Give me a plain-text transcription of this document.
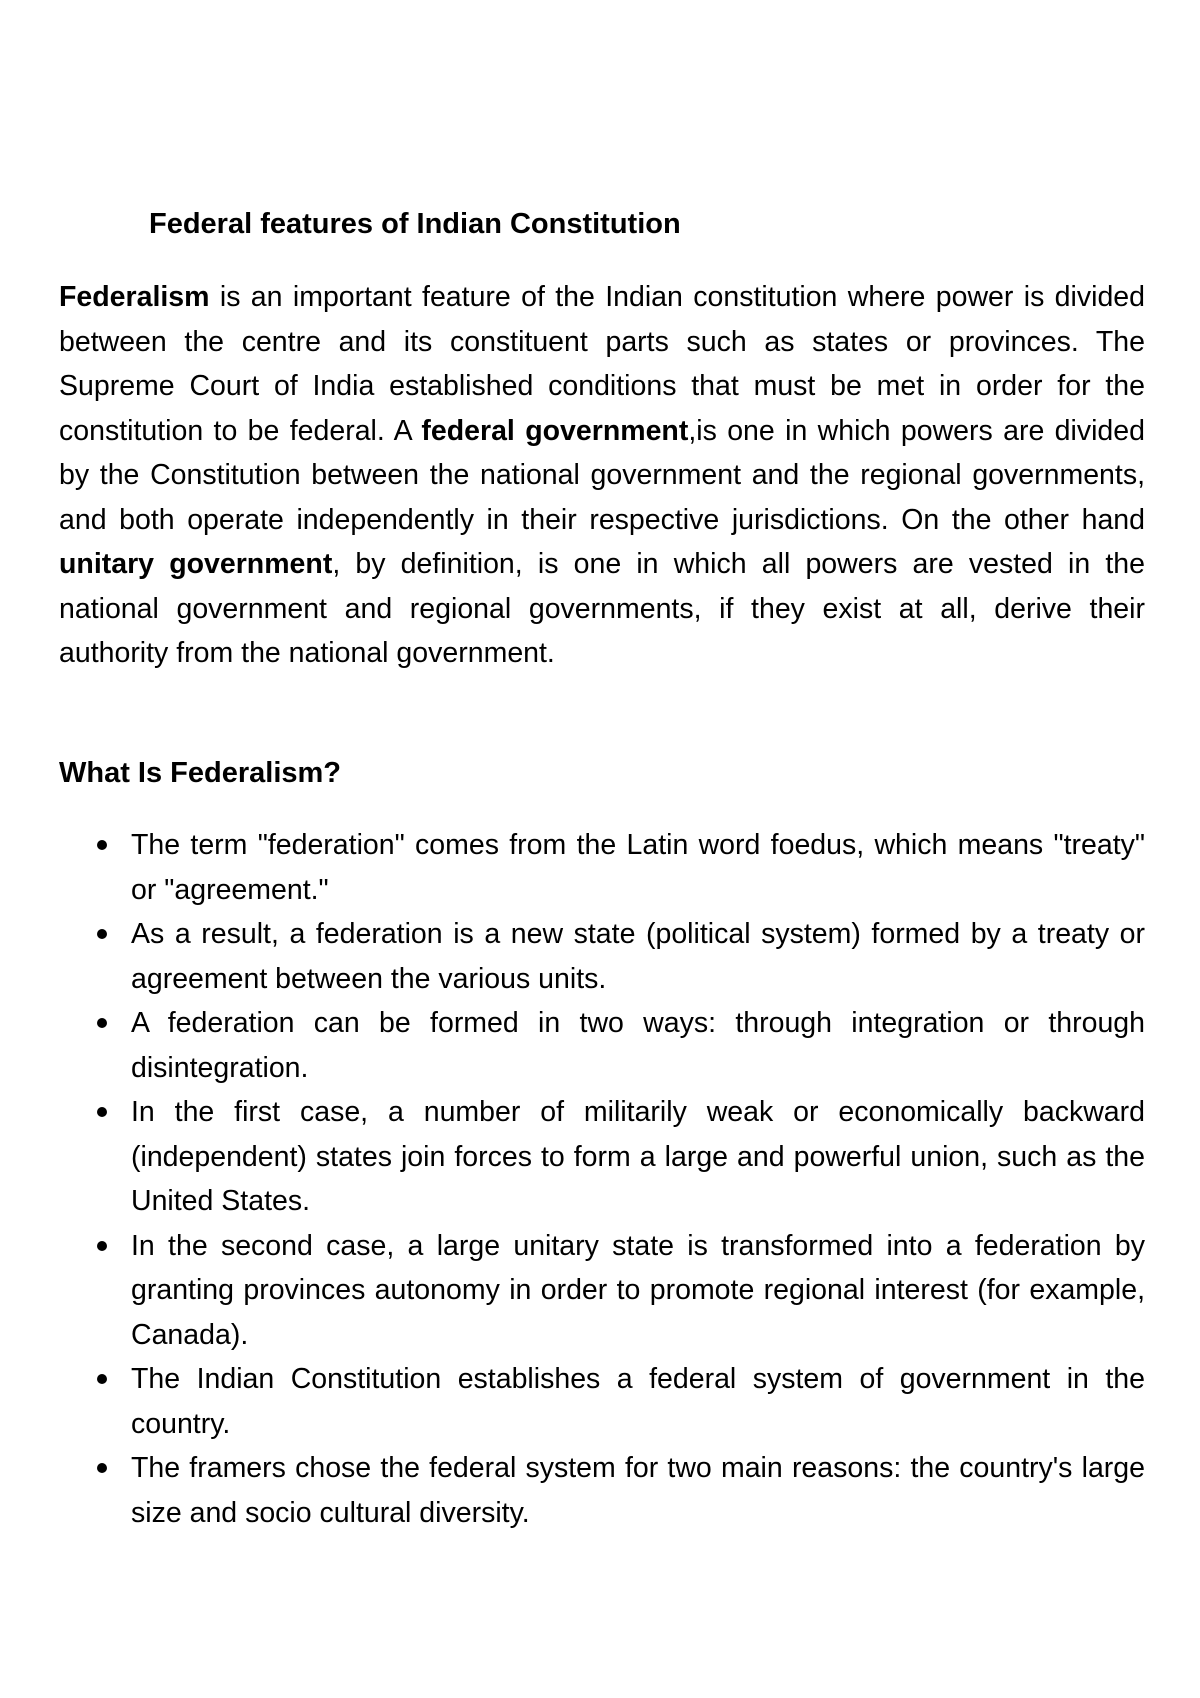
Federal features of Indian Constitution

Federalism is an important feature of the Indian constitution where power is divided between the centre and its constituent parts such as states or provinces. The Supreme Court of India established conditions that must be met in order for the constitution to be federal. A federal government,is one in which powers are divided by the Constitution between the national government and the regional governments, and both operate independently in their respective jurisdictions. On the other hand unitary government, by definition, is one in which all powers are vested in the national government and regional governments, if they exist at all, derive their authority from the national government.

What Is Federalism?
The term "federation" comes from the Latin word foedus, which means "treaty" or "agreement."
As a result, a federation is a new state (political system) formed by a treaty or agreement between the various units.
A federation can be formed in two ways: through integration or through disintegration.
In the first case, a number of militarily weak or economically backward (independent) states join forces to form a large and powerful union, such as the United States.
In the second case, a large unitary state is transformed into a federation by granting provinces autonomy in order to promote regional interest (for example, Canada).
The Indian Constitution establishes a federal system of government in the country.
The framers chose the federal system for two main reasons: the country's large size and socio cultural diversity.
